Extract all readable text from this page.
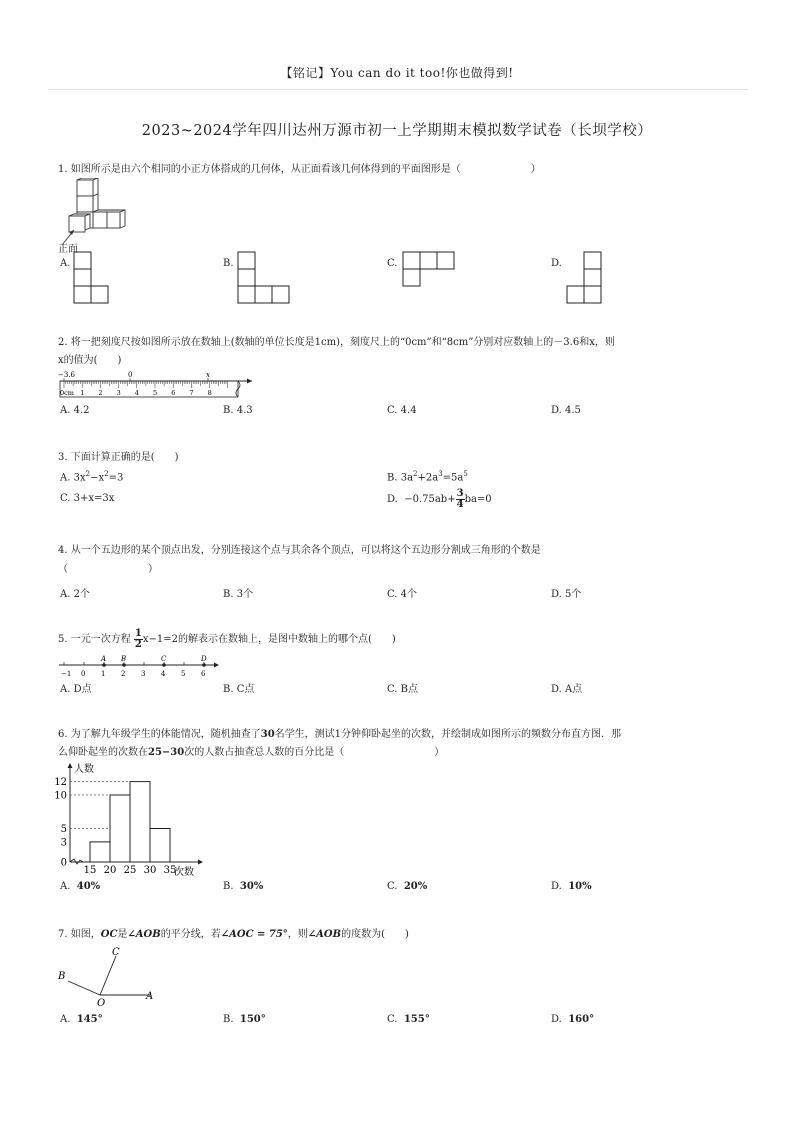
【铭记】You can do it too!你也做得到!
2023~2024学年四川达州万源市初一上学期期末模拟数学试卷（长坝学校）
1. 如图所示是由六个相同的小正方体搭成的几何体，从正面看该几何体得到的平面图形是（　　　　　　　）
正面
A.	B.	C.	D.
2. 将一把刻度尺按如图所示放在数轴上(数轴的单位长度是1cm)，刻度尺上的“0cm”和“8cm”分别对应数轴上的－3.6和x，则
x的值为(　　)
−3.6	0	x
0cm 1 2 3 4 5 6 7 8
A. 4.2	B. 4.3	C. 4.4	D. 4.5
3. 下面计算正确的是(　　)
A. $3x^2-x^2=3$	B. $3a^2+2a^3=5a^5$
C. 3+x=3x	D. $-0.75ab+ \frac{3}{4} ba=0$
4. 从一个五边形的某个顶点出发，分别连接这个点与其余各个顶点，可以将这个五边形分割成三角形的个数是
（　　　　　　　　）
A. 2个	B. 3个	C. 4个	D. 5个
5. 一元一次方程 $\frac{1}{2} x-1=2$的解表示在数轴上，是图中数轴上的哪个点(　　)
−1 0 1 2 3 4 5 6
A B	C	D
A. D点	B. C点	C. B点	D. A点
6. 为了解九年级学生的体能情况，随机抽查了30名学生，测试1分钟仰卧起坐的次数，并绘制成如图所示的频数分布直方图．那
么仰卧起坐的次数在25−30次的人数占抽查总人数的百分比是（　　　　　　　　　）
人数
次数
0
3
5
10
12
15 20 25 30 35
A. 40%	B. 30%	C. 20%	D. 10%
7. 如图，OC是∠AOB的平分线，若∠AOC = 75°，则∠AOB的度数为(　　)
B
C
O
A
A. 145°	B. 150°	C. 155°	D. 160°
